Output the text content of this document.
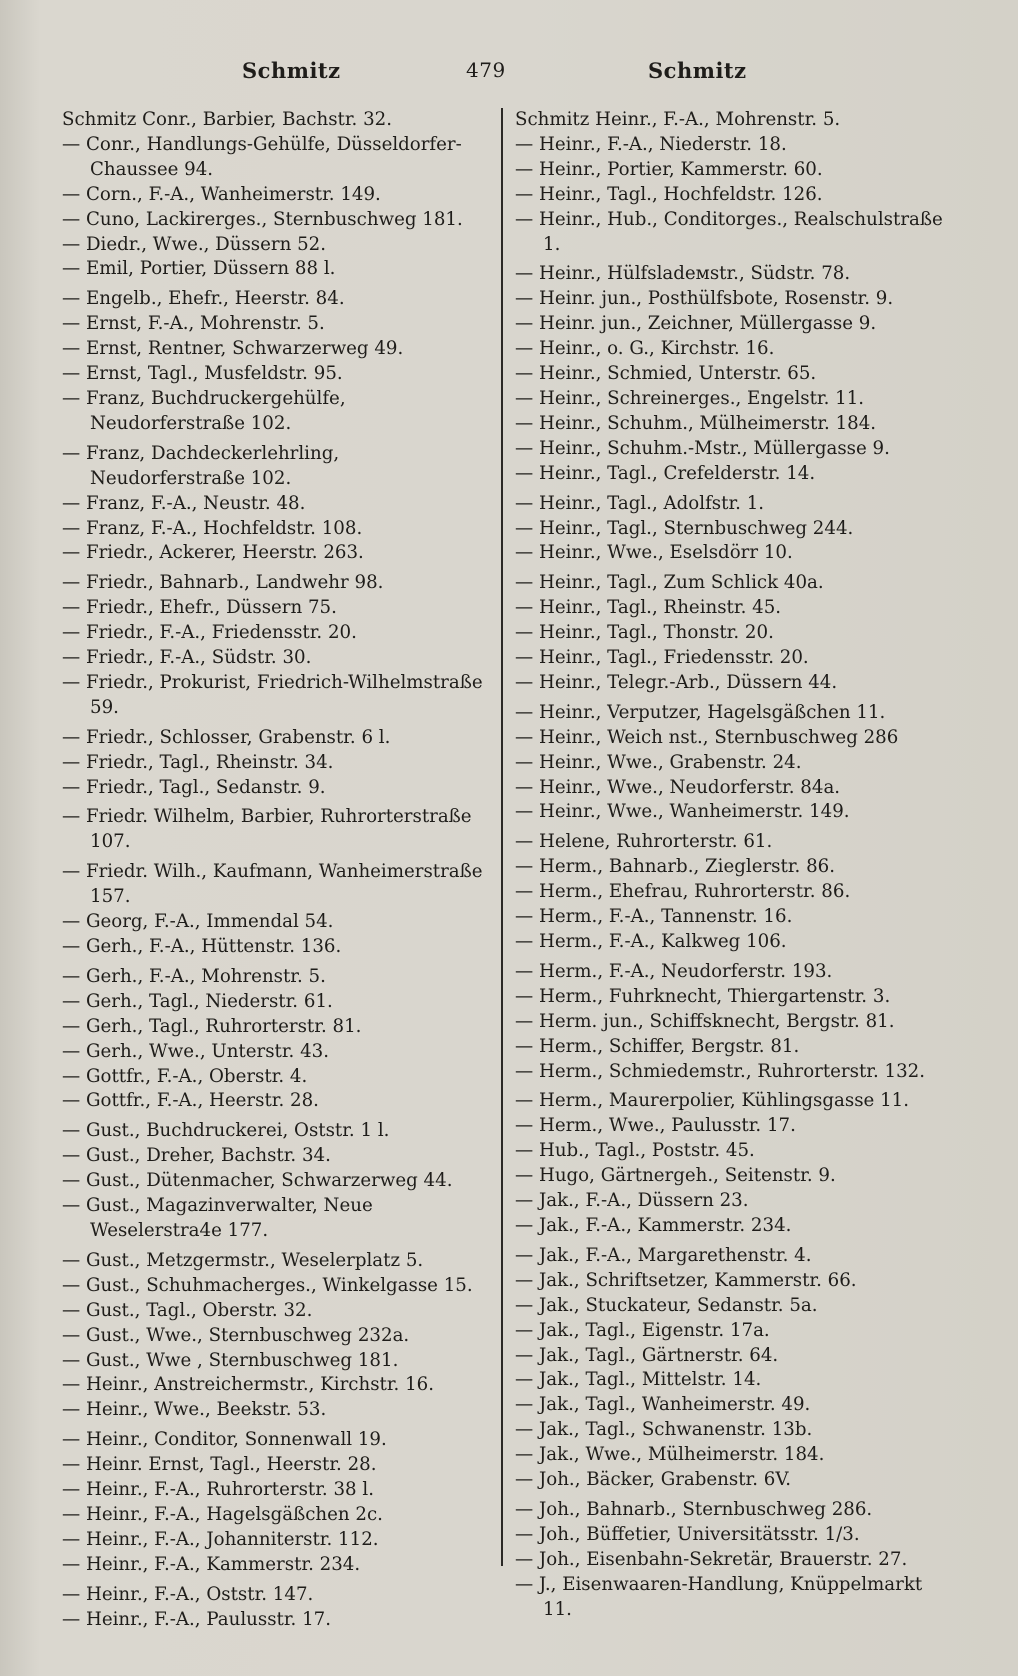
Schmitz	479	Schmitz
Schmitz Conr., Barbier, Bachstr. 32.
— Conr., Handlungs-Gehülfe, Düsseldorfer-Chaussee 94.
— Corn., F.-A., Wanheimerstr. 149.
— Cuno, Lackirerges., Sternbuschweg 181.
— Diedr., Wwe., Düssern 52.
— Emil, Portier, Düssern 88 l.
— Engelb., Ehefr., Heerstr. 84.
— Ernst, F.-A., Mohrenstr. 5.
— Ernst, Rentner, Schwarzerweg 49.
— Ernst, Tagl., Musfeldstr. 95.
— Franz, Buchdruckergehülfe, Neudorferstraße 102.
— Franz, Dachdeckerlehrling, Neudorferstraße 102.
— Franz, F.-A., Neustr. 48.
— Franz, F.-A., Hochfeldstr. 108.
— Friedr., Ackerer, Heerstr. 263.
— Friedr., Bahnarb., Landwehr 98.
— Friedr., Ehefr., Düssern 75.
— Friedr., F.-A., Friedensstr. 20.
— Friedr., F.-A., Südstr. 30.
— Friedr., Prokurist, Friedrich-Wilhelmstraße 59.
— Friedr., Schlosser, Grabenstr. 6 l.
— Friedr., Tagl., Rheinstr. 34.
— Friedr., Tagl., Sedanstr. 9.
— Friedr. Wilhelm, Barbier, Ruhrorterstraße 107.
— Friedr. Wilh., Kaufmann, Wanheimerstraße 157.
— Georg, F.-A., Immendal 54.
— Gerh., F.-A., Hüttenstr. 136.
— Gerh., F.-A., Mohrenstr. 5.
— Gerh., Tagl., Niederstr. 61.
— Gerh., Tagl., Ruhrorterstr. 81.
— Gerh., Wwe., Unterstr. 43.
— Gottfr., F.-A., Oberstr. 4.
— Gottfr., F.-A., Heerstr. 28.
— Gust., Buchdruckerei, Oststr. 1 l.
— Gust., Dreher, Bachstr. 34.
— Gust., Dütenmacher, Schwarzerweg 44.
— Gust., Magazinverwalter, Neue Weselerstra4e 177.
— Gust., Metzgermstr., Weselerplatz 5.
— Gust., Schuhmacherges., Winkelgasse 15.
— Gust., Tagl., Oberstr. 32.
— Gust., Wwe., Sternbuschweg 232a.
— Gust., Wwe , Sternbuschweg 181.
— Heinr., Anstreichermstr., Kirchstr. 16.
— Heinr., Wwe., Beekstr. 53.
— Heinr., Conditor, Sonnenwall 19.
— Heinr. Ernst, Tagl., Heerstr. 28.
— Heinr., F.-A., Ruhrorterstr. 38 l.
— Heinr., F.-A., Hagelsgäßchen 2c.
— Heinr., F.-A., Johanniterstr. 112.
— Heinr., F.-A., Kammerstr. 234.
— Heinr., F.-A., Oststr. 147.
— Heinr., F.-A., Paulusstr. 17.
Schmitz Heinr., F.-A., Mohrenstr. 5.
— Heinr., F.-A., Niederstr. 18.
— Heinr., Portier, Kammerstr. 60.
— Heinr., Tagl., Hochfeldstr. 126.
— Heinr., Hub., Conditorges., Realschulstraße 1.
— Heinr., Hülfsladeмstr., Südstr. 78.
— Heinr. jun., Posthülfsbote, Rosenstr. 9.
— Heinr. jun., Zeichner, Müllergasse 9.
— Heinr., o. G., Kirchstr. 16.
— Heinr., Schmied, Unterstr. 65.
— Heinr., Schreinerges., Engelstr. 11.
— Heinr., Schuhm., Mülheimerstr. 184.
— Heinr., Schuhm.-Mstr., Müllergasse 9.
— Heinr., Tagl., Crefelderstr. 14.
— Heinr., Tagl., Adolfstr. 1.
— Heinr., Tagl., Sternbuschweg 244.
— Heinr., Wwe., Eselsdörr 10.
— Heinr., Tagl., Zum Schlick 40a.
— Heinr., Tagl., Rheinstr. 45.
— Heinr., Tagl., Thonstr. 20.
— Heinr., Tagl., Friedensstr. 20.
— Heinr., Telegr.-Arb., Düssern 44.
— Heinr., Verputzer, Hagelsgäßchen 11.
— Heinr., Weich nst., Sternbuschweg 286
— Heinr., Wwe., Grabenstr. 24.
— Heinr., Wwe., Neudorferstr. 84a.
— Heinr., Wwe., Wanheimerstr. 149.
— Helene, Ruhrorterstr. 61.
— Herm., Bahnarb., Zieglerstr. 86.
— Herm., Ehefrau, Ruhrorterstr. 86.
— Herm., F.-A., Tannenstr. 16.
— Herm., F.-A., Kalkweg 106.
— Herm., F.-A., Neudorferstr. 193.
— Herm., Fuhrknecht, Thiergartenstr. 3.
— Herm. jun., Schiffsknecht, Bergstr. 81.
— Herm., Schiffer, Bergstr. 81.
— Herm., Schmiedemstr., Ruhrorterstr. 132.
— Herm., Maurerpolier, Kühlingsgasse 11.
— Herm., Wwe., Paulusstr. 17.
— Hub., Tagl., Poststr. 45.
— Hugo, Gärtnergeh., Seitenstr. 9.
— Jak., F.-A., Düssern 23.
— Jak., F.-A., Kammerstr. 234.
— Jak., F.-A., Margarethenstr. 4.
— Jak., Schriftsetzer, Kammerstr. 66.
— Jak., Stuckateur, Sedanstr. 5a.
— Jak., Tagl., Eigenstr. 17a.
— Jak., Tagl., Gärtnerstr. 64.
— Jak., Tagl., Mittelstr. 14.
— Jak., Tagl., Wanheimerstr. 49.
— Jak., Tagl., Schwanenstr. 13b.
— Jak., Wwe., Mülheimerstr. 184.
— Joh., Bäcker, Grabenstr. 6V.
— Joh., Bahnarb., Sternbuschweg 286.
— Joh., Büffetier, Universitätsstr. 1/3.
— Joh., Eisenbahn-Sekretär, Brauerstr. 27.
— J., Eisenwaaren-Handlung, Knüppelmarkt 11.
